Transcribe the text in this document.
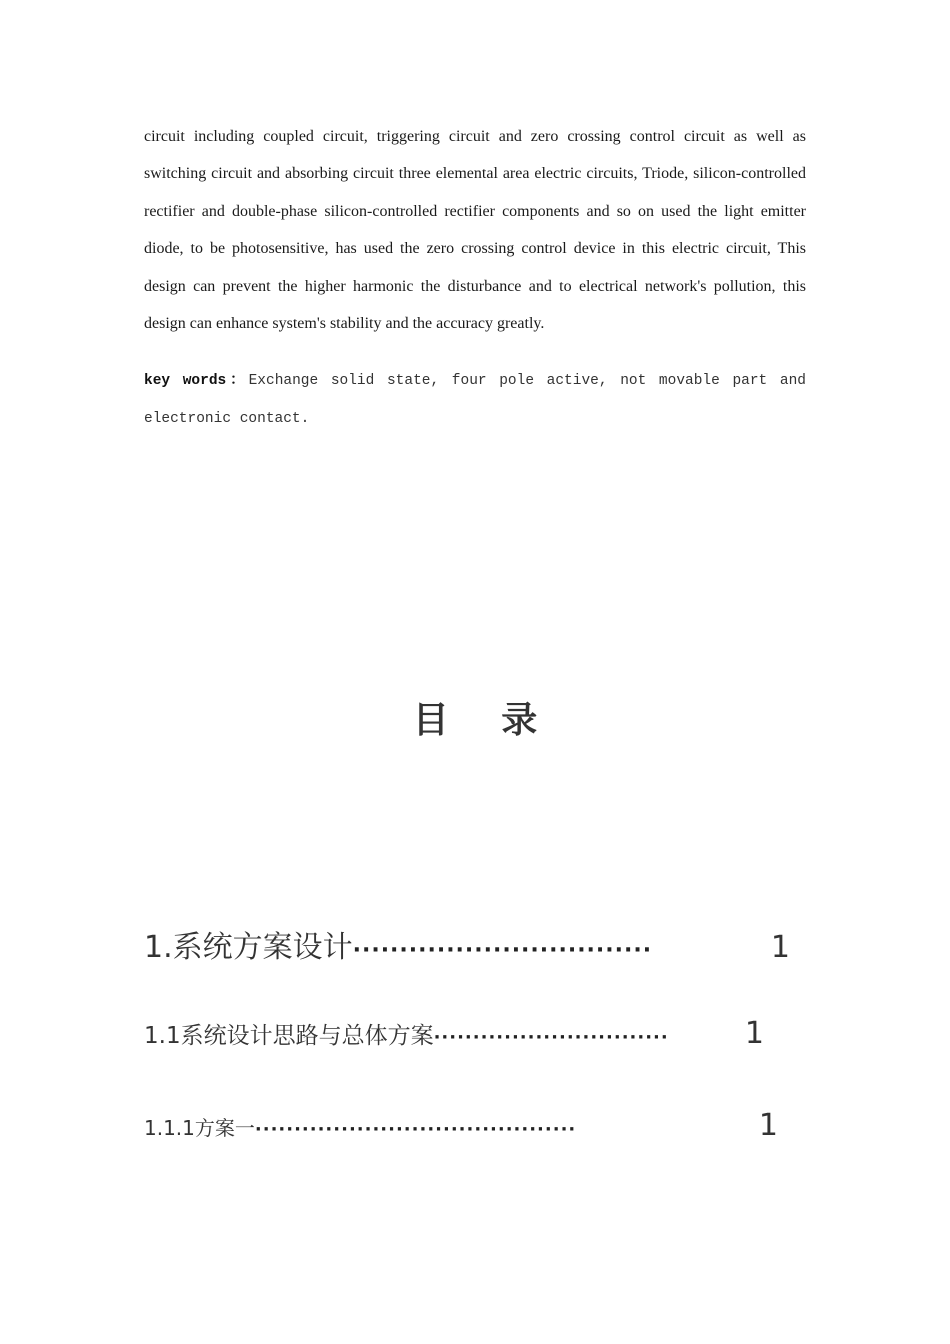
circuit including coupled circuit, triggering circuit and zero crossing control circuit as well as switching circuit and absorbing circuit three elemental area electric circuits, Triode, silicon-controlled rectifier and double-phase silicon-controlled rectifier components and so on used the light emitter diode, to be photosensitive, has used the zero crossing control device in this electric circuit, This design can prevent the higher harmonic the disturbance and to electrical network's pollution, this design can enhance system's stability and the accuracy greatly.

key words：Exchange solid state, four pole active, not movable part and electronic contact.

目 录
1.系统方案设计 ································	1
1.1系统设计思路与总体方案 ······························	1
1.1.1方案一 ·········································	1
